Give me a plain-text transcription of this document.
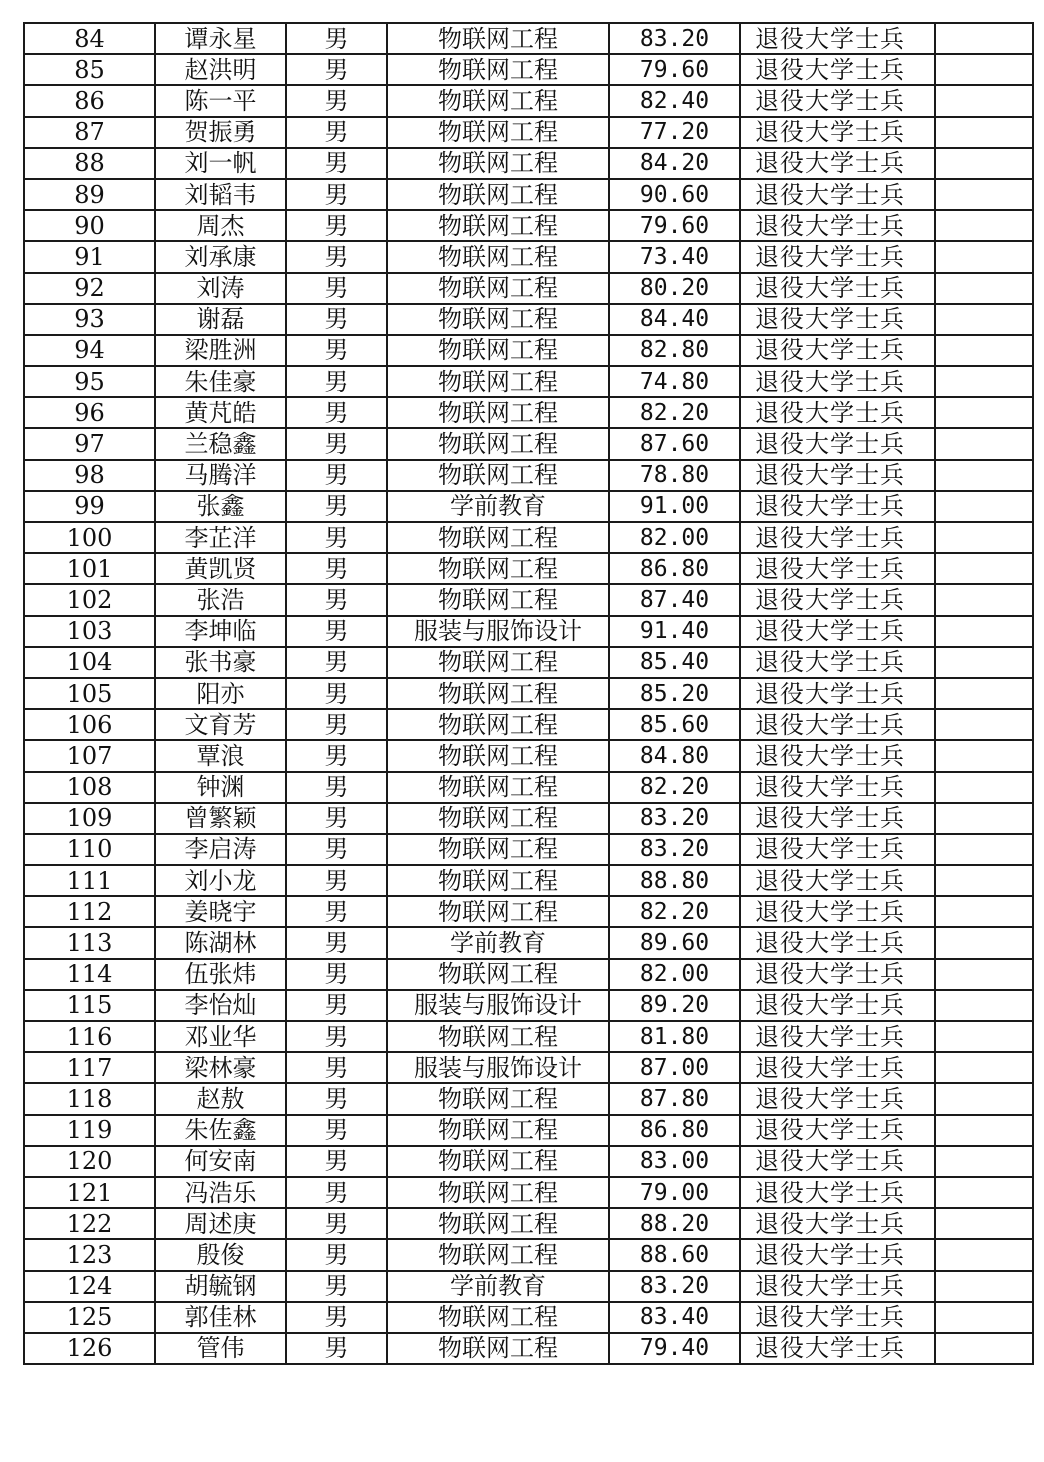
84	谭永星	男	物联网工程	83.20	退役大学士兵	
85	赵洪明	男	物联网工程	79.60	退役大学士兵	
86	陈一平	男	物联网工程	82.40	退役大学士兵	
87	贺振勇	男	物联网工程	77.20	退役大学士兵	
88	刘一帆	男	物联网工程	84.20	退役大学士兵	
89	刘韬韦	男	物联网工程	90.60	退役大学士兵	
90	周杰	男	物联网工程	79.60	退役大学士兵	
91	刘承康	男	物联网工程	73.40	退役大学士兵	
92	刘涛	男	物联网工程	80.20	退役大学士兵	
93	谢磊	男	物联网工程	84.40	退役大学士兵	
94	梁胜洲	男	物联网工程	82.80	退役大学士兵	
95	朱佳豪	男	物联网工程	74.80	退役大学士兵	
96	黄芃皓	男	物联网工程	82.20	退役大学士兵	
97	兰稳鑫	男	物联网工程	87.60	退役大学士兵	
98	马腾洋	男	物联网工程	78.80	退役大学士兵	
99	张鑫	男	学前教育	91.00	退役大学士兵	
100	李芷洋	男	物联网工程	82.00	退役大学士兵	
101	黄凯贤	男	物联网工程	86.80	退役大学士兵	
102	张浩	男	物联网工程	87.40	退役大学士兵	
103	李坤临	男	服装与服饰设计	91.40	退役大学士兵	
104	张书豪	男	物联网工程	85.40	退役大学士兵	
105	阳亦	男	物联网工程	85.20	退役大学士兵	
106	文育芳	男	物联网工程	85.60	退役大学士兵	
107	覃浪	男	物联网工程	84.80	退役大学士兵	
108	钟渊	男	物联网工程	82.20	退役大学士兵	
109	曾繁颖	男	物联网工程	83.20	退役大学士兵	
110	李启涛	男	物联网工程	83.20	退役大学士兵	
111	刘小龙	男	物联网工程	88.80	退役大学士兵	
112	姜晓宇	男	物联网工程	82.20	退役大学士兵	
113	陈湖林	男	学前教育	89.60	退役大学士兵	
114	伍张炜	男	物联网工程	82.00	退役大学士兵	
115	李怡灿	男	服装与服饰设计	89.20	退役大学士兵	
116	邓业华	男	物联网工程	81.80	退役大学士兵	
117	梁林豪	男	服装与服饰设计	87.00	退役大学士兵	
118	赵敖	男	物联网工程	87.80	退役大学士兵	
119	朱佐鑫	男	物联网工程	86.80	退役大学士兵	
120	何安南	男	物联网工程	83.00	退役大学士兵	
121	冯浩乐	男	物联网工程	79.00	退役大学士兵	
122	周述庚	男	物联网工程	88.20	退役大学士兵	
123	殷俊	男	物联网工程	88.60	退役大学士兵	
124	胡毓钢	男	学前教育	83.20	退役大学士兵	
125	郭佳林	男	物联网工程	83.40	退役大学士兵	
126	管伟	男	物联网工程	79.40	退役大学士兵	
